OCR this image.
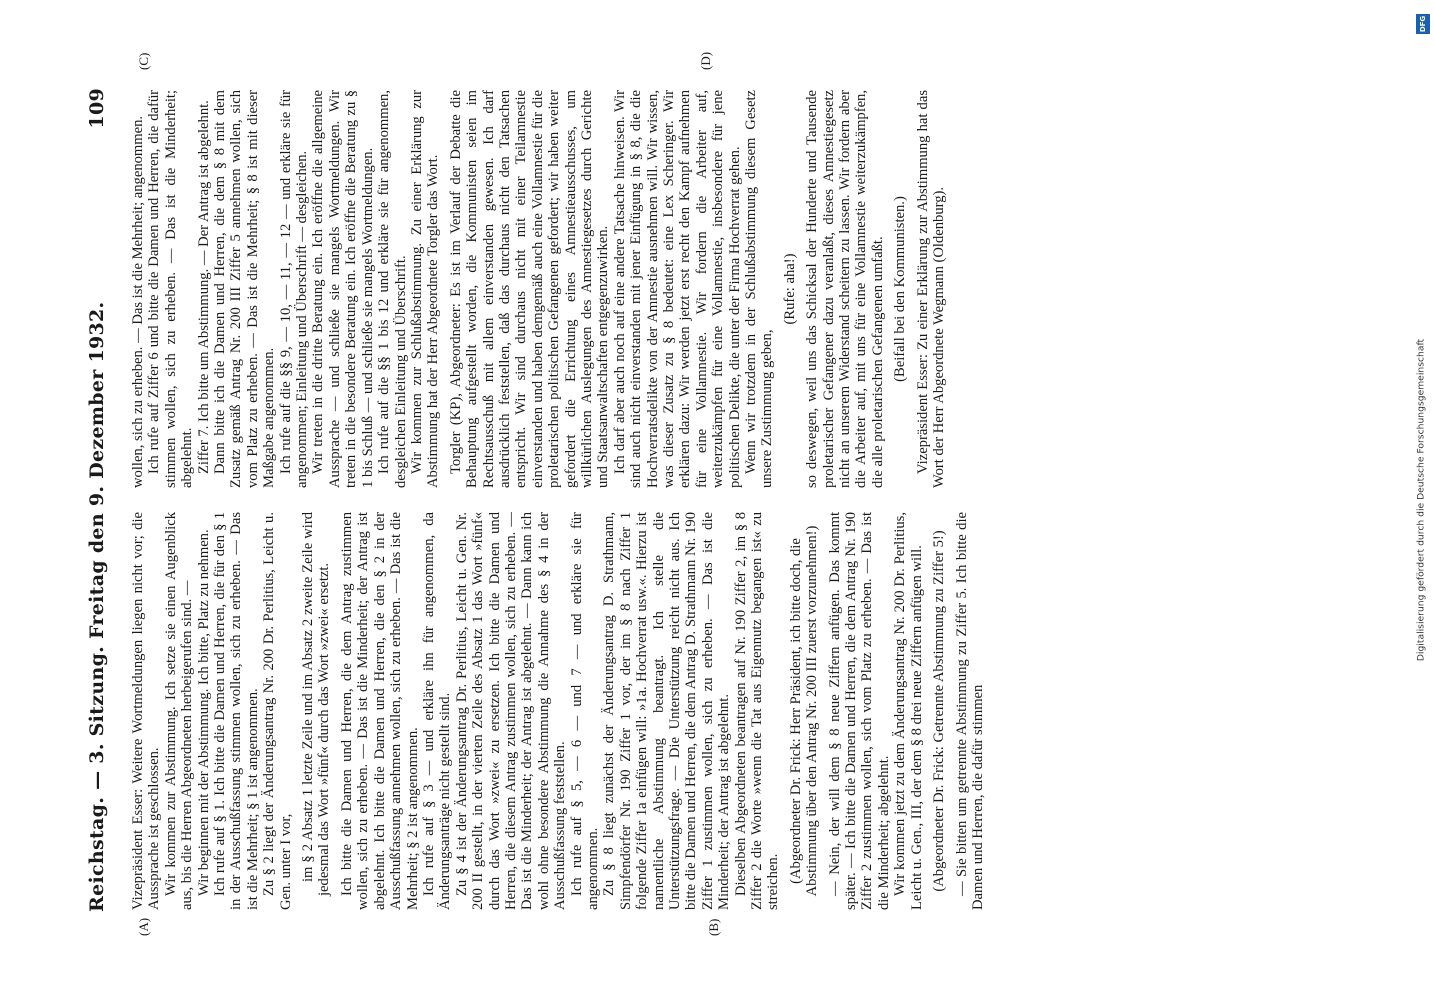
Reichstag. — 3. Sitzung. Freitag den 9. Dezember 1932.
109
(A)	(B)
(C)	(D)

Vizepräsident Esser: Weitere Wortmeldungen liegen nicht vor; die Aussprache ist geschlossen. Wir kommen zur Abstimmung. Ich setze sie einen Augenblick aus, bis die Herren Abgeordneten herbeigerufen sind. — Wir beginnen mit der Abstimmung. Ich bitte, Platz zu nehmen. Ich rufe auf § 1. Ich bitte die Damen und Herren, die für den § 1 in der Ausschußfassung stimmen wollen, sich zu erheben. — Das ist die Mehrheit; § 1 ist angenommen. Zu § 2 liegt der Änderungsantrag Nr. 200 Dr. Perlitius, Leicht u. Gen. unter I vor, im § 2 Absatz 1 letzte Zeile und im Absatz 2 zweite Zeile wird jedesmal das Wort »fünf« durch das Wort »zwei« ersetzt. Ich bitte die Damen und Herren, die dem Antrag zustimmen wollen, sich zu erheben. — Das ist die Minderheit; der Antrag ist abgelehnt. Ich bitte die Damen und Herren, die den § 2 in der Ausschußfassung annehmen wollen, sich zu erheben. — Das ist die Mehrheit; § 2 ist angenommen. Ich rufe auf § 3 — und erkläre ihn für angenommen, da Änderungsanträge nicht gestellt sind. Zu § 4 ist der Änderungsantrag Dr. Perlitius, Leicht u. Gen. Nr. 200 II gestellt, in der vierten Zeile des Absatz 1 das Wort »fünf« durch das Wort »zwei« zu ersetzen. Ich bitte die Damen und Herren, die diesem Antrag zustimmen wollen, sich zu erheben. — Das ist die Minderheit; der Antrag ist abgelehnt. — Dann kann ich wohl ohne besondere Abstimmung die Annahme des § 4 in der Ausschußfassung feststellen. Ich rufe auf § 5, — 6 — und 7 — und erkläre sie für angenommen. Zu § 8 liegt zunächst der Änderungsantrag D. Strathmann, Simpfendörfer Nr. 190 Ziffer 1 vor, der im § 8 nach Ziffer 1 folgende Ziffer 1a einfügen will: »1a. Hochverrat usw.«. Hierzu ist namentliche Abstimmung beantragt. Ich stelle die Unterstützungsfrage. — Die Unterstützung reicht nicht aus. Ich bitte die Damen und Herren, die dem Antrag D. Strathmann Nr. 190 Ziffer 1 zustimmen wollen, sich zu erheben. — Das ist die Minderheit; der Antrag ist abgelehnt. Dieselben Abgeordneten beantragen auf Nr. 190 Ziffer 2, im § 8 Ziffer 2 die Worte »wenn die Tat aus Eigennutz begangen ist« zu streichen. (Abgeordneter Dr. Frick: Herr Präsident, ich bitte doch, die Abstimmung über den Antrag Nr. 200 III zuerst vorzunehmen!) — Nein, der will dem § 8 neue Ziffern anfügen. Das kommt später. — Ich bitte die Damen und Herren, die dem Antrag Nr. 190 Ziffer 2 zustimmen wollen, sich vom Platz zu erheben. — Das ist die Minderheit; abgelehnt. Wir kommen jetzt zu dem Änderungsantrag Nr. 200 Dr. Perlitius, Leicht u. Gen., III, der dem § 8 drei neue Ziffern anfügen will. (Abgeordneter Dr. Frick: Getrennte Abstimmung zu Ziffer 5!) — Sie bitten um getrennte Abstimmung zu Ziffer 5. Ich bitte die Damen und Herren, die dafür stimmen

wollen, sich zu erheben. — Das ist die Mehrheit; angenommen. Ich rufe auf Ziffer 6 und bitte die Damen und Herren, die dafür stimmen wollen, sich zu erheben. — Das ist die Minderheit; abgelehnt. Ziffer 7. Ich bitte um Abstimmung. — Der Antrag ist abgelehnt. Dann bitte ich die Damen und Herren, die dem § 8 mit dem Zusatz gemäß Antrag Nr. 200 III Ziffer 5 annehmen wollen, sich vom Platz zu erheben. — Das ist die Mehrheit; § 8 ist mit dieser Maßgabe angenommen. Ich rufe auf die §§ 9, — 10, — 11, — 12 — und erkläre sie für angenommen; Einleitung und Überschrift — desgleichen. Wir treten in die dritte Beratung ein. Ich eröffne die allgemeine Aussprache — und schließe sie mangels Wortmeldungen. Wir treten in die besondere Beratung ein. Ich eröffne die Beratung zu § 1 bis Schluß — und schließe sie mangels Wortmeldungen. Ich rufe auf die §§ 1 bis 12 und erkläre sie für angenommen, desgleichen Einleitung und Überschrift. Wir kommen zur Schlußabstimmung. Zu einer Erklärung zur Abstimmung hat der Herr Abgeordnete Torgler das Wort. Torgler (KP), Abgeordneter: Es ist im Verlauf der Debatte die Behauptung aufgestellt worden, die Kommunisten seien im Rechtsausschuß mit allem einverstanden gewesen. Ich darf ausdrücklich feststellen, daß das durchaus nicht den Tatsachen entspricht. Wir sind durchaus nicht mit einer Teilamnestie einverstanden und haben demgemäß auch eine Vollamnestie für die proletarischen politischen Gefangenen gefordert; wir haben weiter gefordert die Errichtung eines Amnestieausschusses, um willkürlichen Auslegungen des Amnestiegesetzes durch Gerichte und Staatsanwaltschaften entgegenzuwirken. Ich darf aber auch noch auf eine andere Tatsache hinweisen. Wir sind auch nicht einverstanden mit jener Einfügung in § 8, die die Hochverratsdelikte von der Amnestie ausnehmen will. Wir wissen, was dieser Zusatz zu § 8 bedeutet: eine Lex Scheringer. Wir erklären dazu: Wir werden jetzt erst recht den Kampf aufnehmen für eine Vollamnestie. Wir fordern die Arbeiter auf, weiterzukämpfen für eine Vollamnestie, insbesondere für jene politischen Delikte, die unter der Firma Hochverrat gehen. Wenn wir trotzdem in der Schlußabstimmung diesem Gesetz unsere Zustimmung geben,

(Rufe: aha!) so deswegen, weil uns das Schicksal der Hunderte und Tausende proletarischer Gefangener dazu veranlaßt, dieses Amnestiegesetz nicht an unserem Widerstand scheitern zu lassen. Wir fordern aber die Arbeiter auf, mit uns für eine Vollamnestie weiterzukämpfen, die alle proletarischen Gefangenen umfaßt. (Beifall bei den Kommunisten.) Vizepräsident Esser: Zu einer Erklärung zur Abstimmung hat das Wort der Herr Abgeordnete Wegmann (Oldenburg).

DFG
Digitalisierung gefördert durch die Deutsche Forschungsgemeinschaft
